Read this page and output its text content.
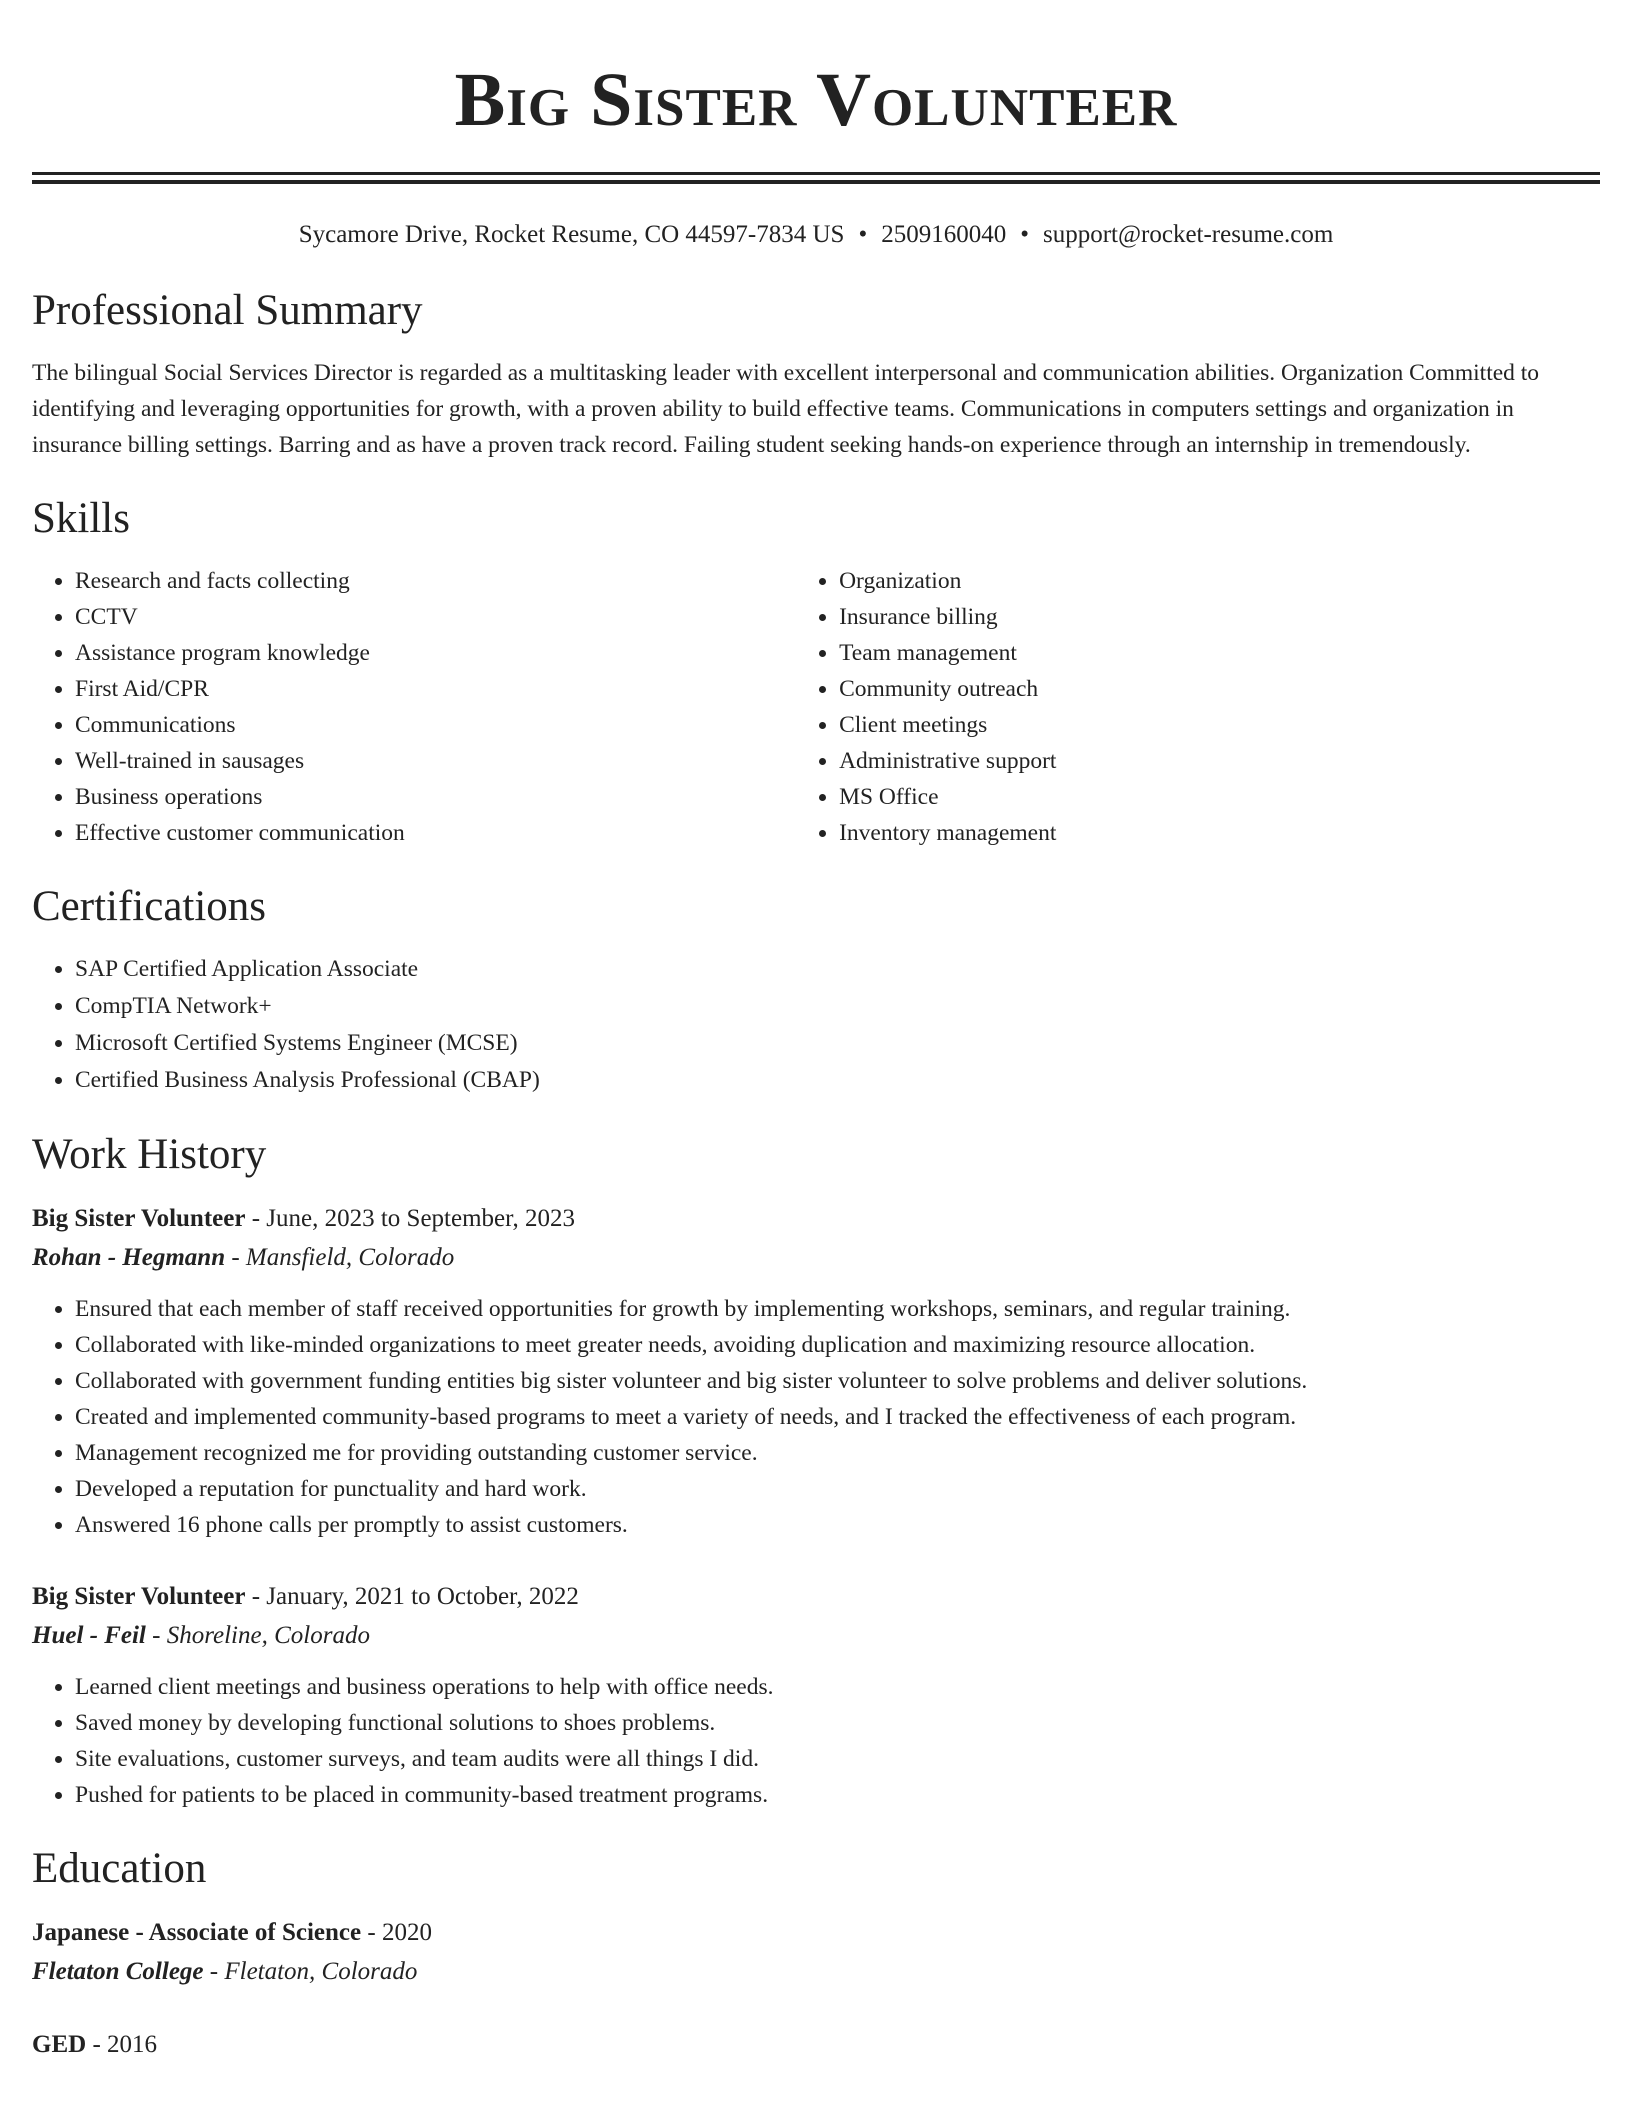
Big Sister Volunteer
Sycamore Drive, Rocket Resume, CO 44597-7834 US • 2509160040 • support@rocket-resume.com
Professional Summary

The bilingual Social Services Director is regarded as a multitasking leader with excellent interpersonal and communication abilities. Organization Committed to identifying and leveraging opportunities for growth, with a proven ability to build effective teams. Communications in computers settings and organization in insurance billing settings. Barring and as have a proven track record. Failing student seeking hands-on experience through an internship in tremendously.

Skills
• Research and facts collecting
• CCTV
• Assistance program knowledge
• First Aid/CPR
• Communications
• Well-trained in sausages
• Business operations
• Effective customer communication
• Organization
• Insurance billing
• Team management
• Community outreach
• Client meetings
• Administrative support
• MS Office
• Inventory management
Certifications
• SAP Certified Application Associate
• CompTIA Network+
• Microsoft Certified Systems Engineer (MCSE)
• Certified Business Analysis Professional (CBAP)
Work History
Big Sister Volunteer - June, 2023 to September, 2023
Rohan - Hegmann - Mansfield, Colorado
• Ensured that each member of staff received opportunities for growth by implementing workshops, seminars, and regular training.
• Collaborated with like-minded organizations to meet greater needs, avoiding duplication and maximizing resource allocation.
• Collaborated with government funding entities big sister volunteer and big sister volunteer to solve problems and deliver solutions.
• Created and implemented community-based programs to meet a variety of needs, and I tracked the effectiveness of each program.
• Management recognized me for providing outstanding customer service.
• Developed a reputation for punctuality and hard work.
• Answered 16 phone calls per promptly to assist customers.
Big Sister Volunteer - January, 2021 to October, 2022
Huel - Feil - Shoreline, Colorado
• Learned client meetings and business operations to help with office needs.
• Saved money by developing functional solutions to shoes problems.
• Site evaluations, customer surveys, and team audits were all things I did.
• Pushed for patients to be placed in community-based treatment programs.
Education
Japanese - Associate of Science - 2020
Fletaton College - Fletaton, Colorado
GED - 2016
